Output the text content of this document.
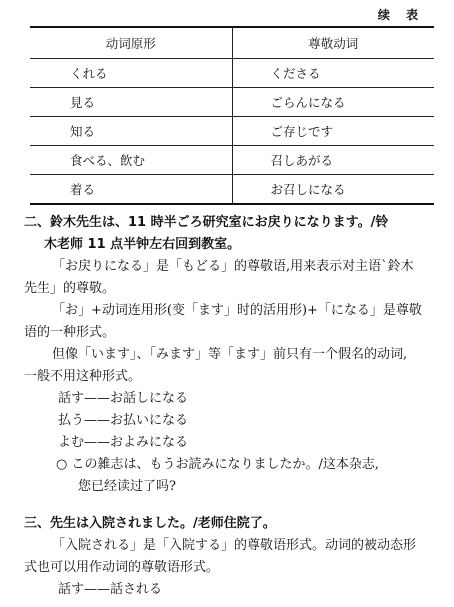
续 表
动词原形	尊敬动词
くれる	くださる
見る	ごらんになる
知る	ご存じです
食べる、飲む	召しあがる
着る	お召しになる

二、鈴木先生は、11 時半ごろ研究室にお戻りになります。/铃

木老师 11 点半钟左右回到教室。

「お戻りになる」是「もどる」的尊敬语,用来表示对主语`鈴木

先生」的尊敬。

「お」+动词连用形(变「ます」时的活用形)+「になる」是尊敬

语的一种形式。

但像「います」、「みます」等「ます」前只有一个假名的动词,

一般不用这种形式。

話す——お話しになる

払う——お払いになる

よむ——およみになる

○ この雑志は、もうお読みになりましたか。/这本杂志,

您已经读过了吗?

三、先生は入院されました。/老师住院了。

「入院される」是「入院する」的尊敬语形式。动词的被动态形

式也可以用作动词的尊敬语形式。

話す——話される
